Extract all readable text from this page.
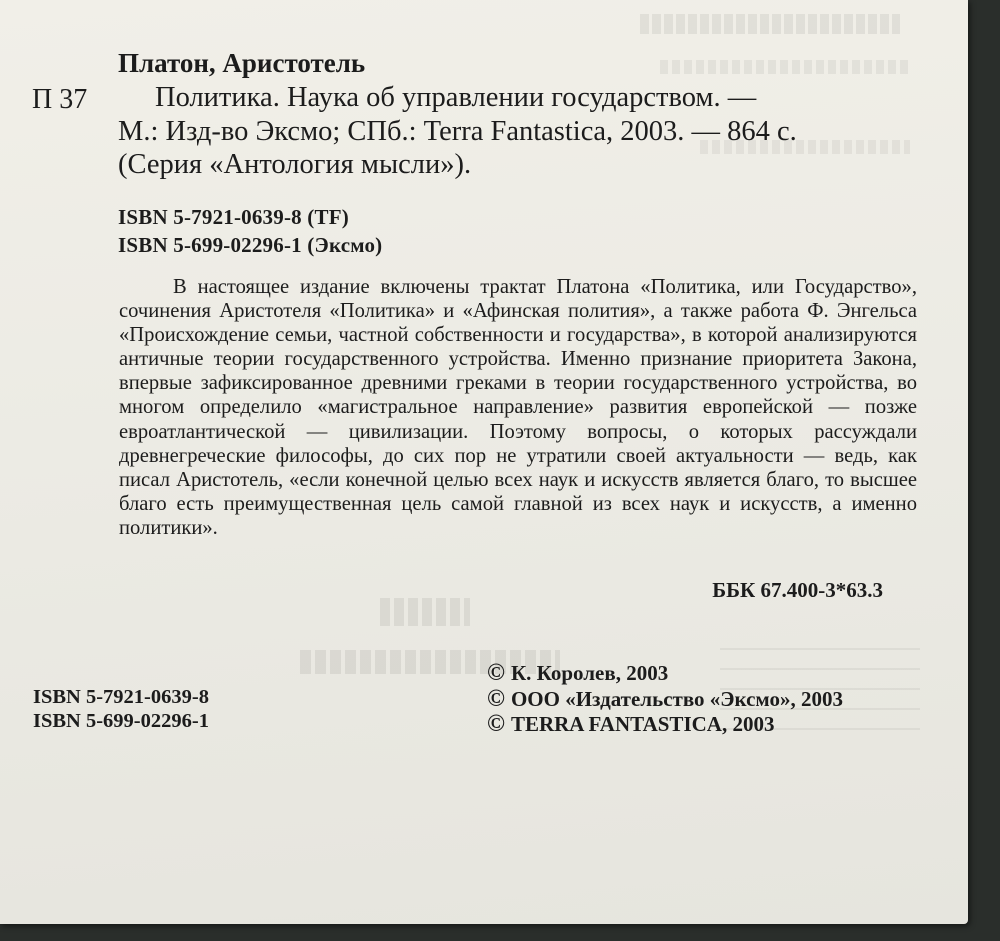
Платон, Аристотель
П 37 Политика. Наука об управлении государством. —
М.: Изд-во Эксмо; СПб.: Terra Fantastica, 2003. — 864 с.
(Серия «Антология мысли»).
ISBN 5-7921-0639-8 (TF)
ISBN 5-699-02296-1 (Эксмо)
В настоящее издание включены трактат Платона «Политика, или Государство», сочинения Аристотеля «Политика» и «Афинская полития», а также работа Ф. Энгельса «Происхождение семьи, частной собственности и государства», в которой анализируются античные теории государственного устройства. Именно признание приоритета Закона, впервые зафиксированное древними греками в теории государственного устройства, во многом определило «магистральное направление» развития европейской — позже евроатлантической — цивилизации. Поэтому вопросы, о которых рассуждали древнегреческие философы, до сих пор не утратили своей актуальности — ведь, как писал Аристотель, «если конечной целью всех наук и искусств является благо, то высшее благо есть преимущественная цель самой главной из всех наук и искусств, а именно политики».
ББК 67.400-3*63.3
ISBN 5-7921-0639-8
ISBN 5-699-02296-1
© К. Королев, 2003
© ООО «Издательство «Эксмо», 2003
© TERRA FANTASTICA, 2003
